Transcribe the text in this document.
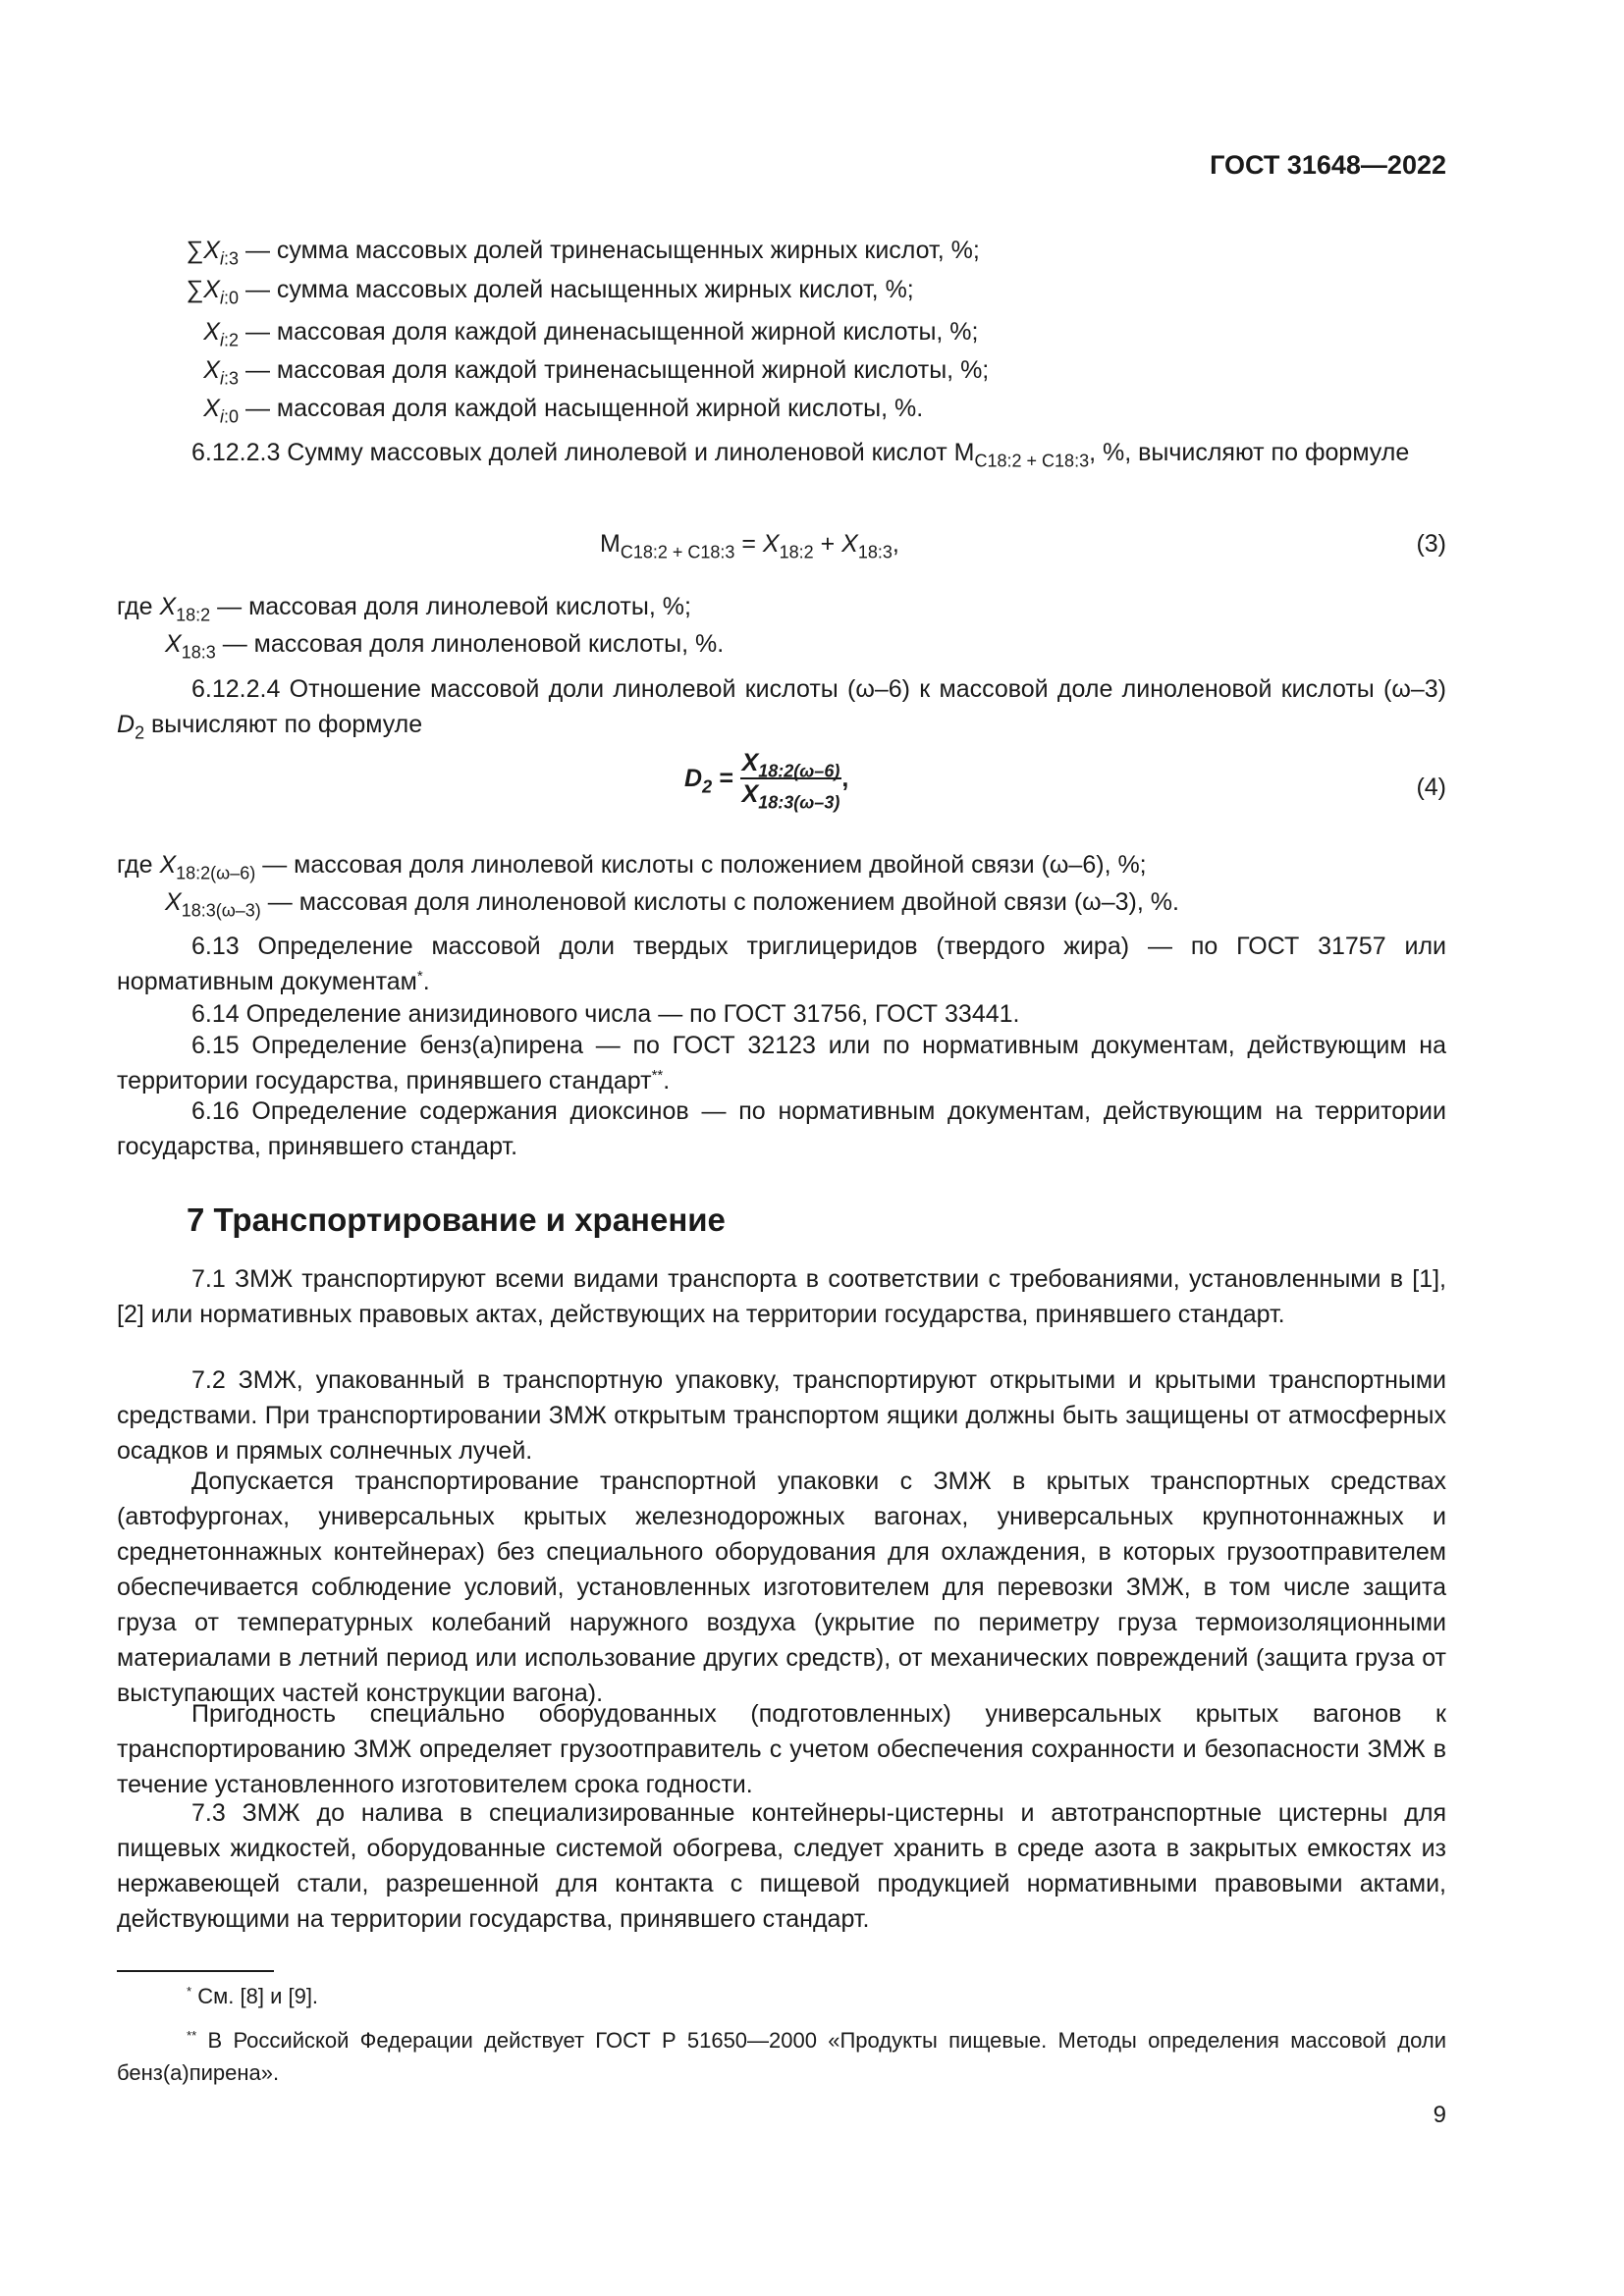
ГОСТ 31648—2022
$\sum X_{i:3}$ — сумма массовых долей триненасыщенных жирных кислот, %;
$\sum X_{i:0}$ — сумма массовых долей насыщенных жирных кислот, %;
$X_{i:2}$ — массовая доля каждой диненасыщенной жирной кислоты, %;
$X_{i:3}$ — массовая доля каждой триненасыщенной жирной кислоты, %;
$X_{i:0}$ — массовая доля каждой насыщенной жирной кислоты, %.
6.12.2.3 Сумму массовых долей линолевой и линоленовой кислот $М_{C18:2 + C18:3}$, %, вычисляют по формуле
$М_{C18:2 + C18:3} = X_{18:2} + X_{18:3}$,	(3)
где $X_{18:2}$ — массовая доля линолевой кислоты, %;
$X_{18:3}$ — массовая доля линоленовой кислоты, %.
6.12.2.4 Отношение массовой доли линолевой кислоты (ω–6) к массовой доле линоленовой кислоты (ω–3) $D_2$ вычисляют по формуле
$D_2 = \frac{X_{18:2(\omega-6)}}{X_{18:3(\omega-3)}}$ ,	(4)
где $X_{18:2(\omega-6)}$ — массовая доля линолевой кислоты с положением двойной связи (ω–6), %;
$X_{18:3(\omega-3)}$ — массовая доля линоленовой кислоты с положением двойной связи (ω–3), %.
6.13 Определение массовой доли твердых триглицеридов (твердого жира) — по ГОСТ 31757 или нормативным документам*.
6.14 Определение анизидинового числа — по ГОСТ 31756, ГОСТ 33441.
6.15 Определение бенз(а)пирена — по ГОСТ 32123 или по нормативным документам, действующим на территории государства, принявшего стандарт**.
6.16 Определение содержания диоксинов — по нормативным документам, действующим на территории государства, принявшего стандарт.
7 Транспортирование и хранение
7.1 ЗМЖ транспортируют всеми видами транспорта в соответствии с требованиями, установленными в [1], [2] или нормативных правовых актах, действующих на территории государства, принявшего стандарт.
7.2 ЗМЖ, упакованный в транспортную упаковку, транспортируют открытыми и крытыми транспортными средствами. При транспортировании ЗМЖ открытым транспортом ящики должны быть защищены от атмосферных осадков и прямых солнечных лучей.
Допускается транспортирование транспортной упаковки с ЗМЖ в крытых транспортных средствах (автофургонах, универсальных крытых железнодорожных вагонах, универсальных крупнотоннажных и среднетоннажных контейнерах) без специального оборудования для охлаждения, в которых грузоотправителем обеспечивается соблюдение условий, установленных изготовителем для перевозки ЗМЖ, в том числе защита груза от температурных колебаний наружного воздуха (укрытие по периметру груза термоизоляционными материалами в летний период или использование других средств), от механических повреждений (защита груза от выступающих частей конструкции вагона).
Пригодность специально оборудованных (подготовленных) универсальных крытых вагонов к транспортированию ЗМЖ определяет грузоотправитель с учетом обеспечения сохранности и безопасности ЗМЖ в течение установленного изготовителем срока годности.
7.3 ЗМЖ до налива в специализированные контейнеры-цистерны и автотранспортные цистерны для пищевых жидкостей, оборудованные системой обогрева, следует хранить в среде азота в закрытых емкостях из нержавеющей стали, разрешенной для контакта с пищевой продукцией нормативными правовыми актами, действующими на территории государства, принявшего стандарт.
* См. [8] и [9].
** В Российской Федерации действует ГОСТ Р 51650—2000 «Продукты пищевые. Методы определения массовой доли бенз(а)пирена».
9
